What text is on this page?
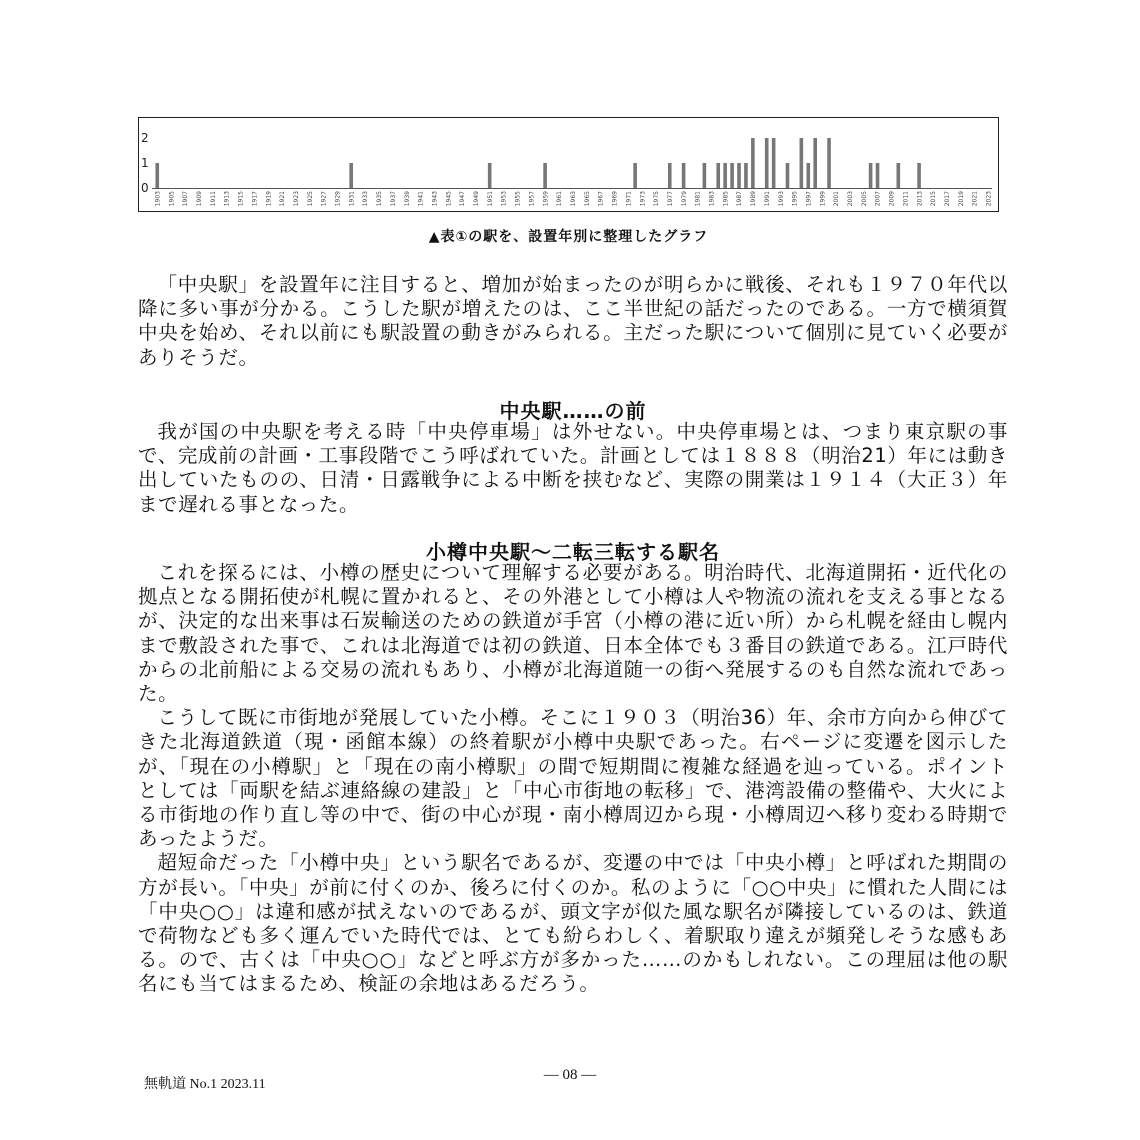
0
1
2
1903 1905 1907 1909 1911 1913 1915 1917 1919 1921 1923 1925 1927 1929 1931 1933 1935 1937 1939 1941 1943 1945 1947 1949 1951 1953 1955 1957 1959 1961 1963 1965 1967 1969 1971 1973 1975 1977 1979 1981 1983 1985 1987 1989 1991 1993 1995 1997 1999 2001 2003 2005 2007 2009 2011 2013 2015 2017 2019 2021 2023
▲表①の駅を、設置年別に整理したグラフ

「中央駅」を設置年に注目すると、増加が始まったのが明らかに戦後、それも１９７０年代以降に多い事が分かる。こうした駅が増えたのは、ここ半世紀の話だったのである。一方で横須賀中央を始め、それ以前にも駅設置の動きがみられる。主だった駅について個別に見ていく必要がありそうだ。

中央駅……の前

我が国の中央駅を考える時「中央停車場」は外せない。中央停車場とは、つまり東京駅の事で、完成前の計画・工事段階でこう呼ばれていた。計画としては１８８８（明治21）年には動き出していたものの、日清・日露戦争による中断を挟むなど、実際の開業は１９１４（大正３）年まで遅れる事となった。

小樽中央駅～二転三転する駅名

これを探るには、小樽の歴史について理解する必要がある。明治時代、北海道開拓・近代化の拠点となる開拓使が札幌に置かれると、その外港として小樽は人や物流の流れを支える事となるが、決定的な出来事は石炭輸送のための鉄道が手宮（小樽の港に近い所）から札幌を経由し幌内まで敷設された事で、これは北海道では初の鉄道、日本全体でも３番目の鉄道である。江戸時代からの北前船による交易の流れもあり、小樽が北海道随一の街へ発展するのも自然な流れであった。

こうして既に市街地が発展していた小樽。そこに１９０３（明治36）年、余市方向から伸びてきた北海道鉄道（現・函館本線）の終着駅が小樽中央駅であった。右ページに変遷を図示したが、「現在の小樽駅」と「現在の南小樽駅」の間で短期間に複雑な経過を辿っている。ポイントとしては「両駅を結ぶ連絡線の建設」と「中心市街地の転移」で、港湾設備の整備や、大火による市街地の作り直し等の中で、街の中心が現・南小樽周辺から現・小樽周辺へ移り変わる時期であったようだ。

超短命だった「小樽中央」という駅名であるが、変遷の中では「中央小樽」と呼ばれた期間の方が長い。「中央」が前に付くのか、後ろに付くのか。私のように「○○中央」に慣れた人間には「中央○○」は違和感が拭えないのであるが、頭文字が似た風な駅名が隣接しているのは、鉄道で荷物なども多く運んでいた時代では、とても紛らわしく、着駅取り違えが頻発しそうな感もある。ので、古くは「中央○○」などと呼ぶ方が多かった……のかもしれない。この理屈は他の駅名にも当てはまるため、検証の余地はあるだろう。

無軌道 No.1 2023.11
― 08 ―
